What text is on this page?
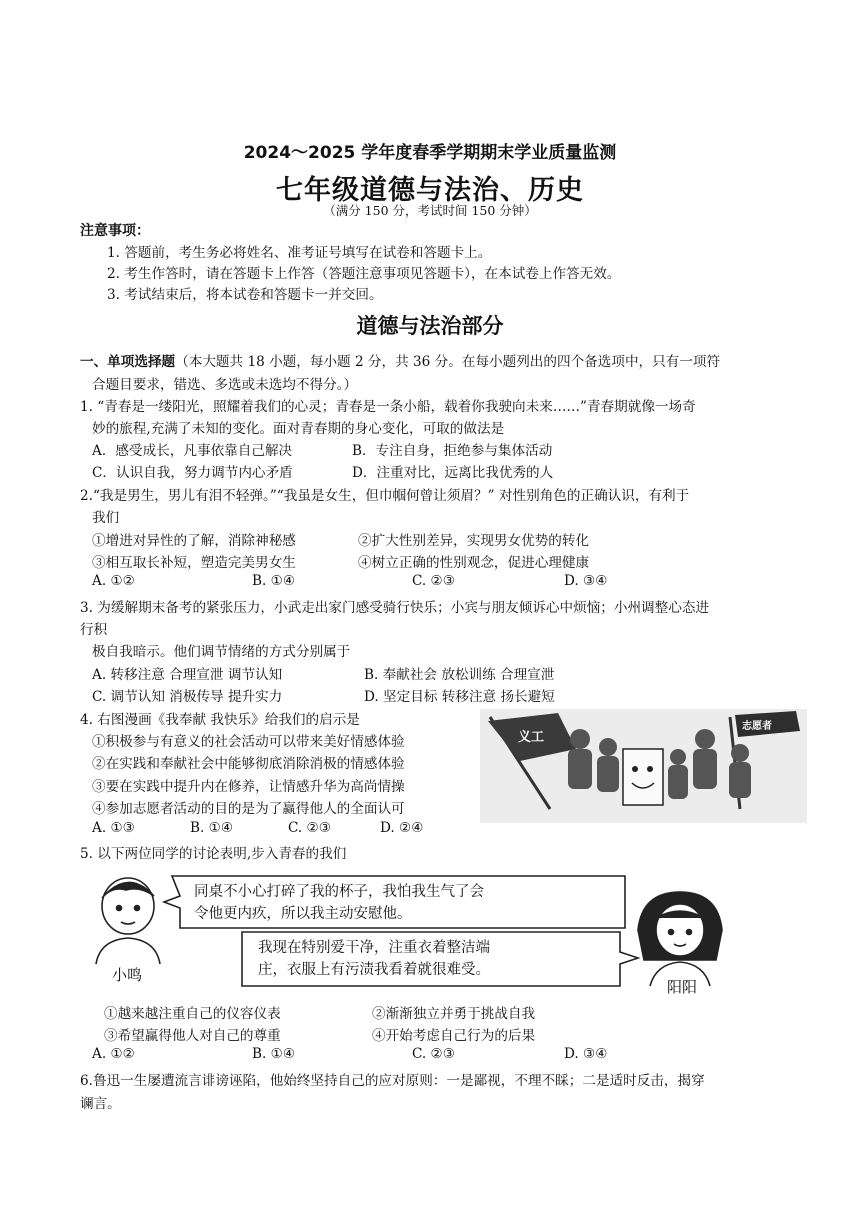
2024～2025 学年度春季学期期末学业质量监测
七年级道德与法治、历史
（满分 150 分，考试时间 150 分钟）
注意事项：
1. 答题前，考生务必将姓名、准考证号填写在试卷和答题卡上。
2. 考生作答时，请在答题卡上作答（答题注意事项见答题卡），在本试卷上作答无效。
3. 考试结束后，将本试卷和答题卡一并交回。
道德与法治部分
一、单项选择题（本大题共 18 小题，每小题 2 分，共 36 分。在每小题列出的四个备选项中，只有一项符
合题目要求，错选、多选或未选均不得分。）
1. “青春是一缕阳光，照耀着我们的心灵；青春是一条小船，载着你我驶向未来……”青春期就像一场奇
妙的旅程,充满了未知的变化。面对青春期的身心变化，可取的做法是
A．感受成长，凡事依靠自己解决	B．专注自身，拒绝参与集体活动
C．认识自我，努力调节内心矛盾	D．注重对比，远离比我优秀的人
2.“我是男生，男儿有泪不轻弹。”“我虽是女生，但巾帼何曾让须眉？” 对性别角色的正确认识，有利于
我们
①增进对异性的了解，消除神秘感	②扩大性别差异，实现男女优势的转化
③相互取长补短，塑造完美男女生	④树立正确的性别观念，促进心理健康
A. ①②	B. ①④	C. ②③	D. ③④
3. 为缓解期末备考的紧张压力，小武走出家门感受骑行快乐；小宾与朋友倾诉心中烦恼；小州调整心态进
行积
极自我暗示。他们调节情绪的方式分别属于
A. 转移注意 合理宣泄 调节认知	B. 奉献社会 放松训练 合理宣泄
C. 调节认知 消极传导 提升实力	D. 坚定目标 转移注意 扬长避短
4. 右图漫画《我奉献 我快乐》给我们的启示是
①积极参与有意义的社会活动可以带来美好情感体验
②在实践和奉献社会中能够彻底消除消极的情感体验
③要在实践中提升内在修养，让情感升华为高尚情操
④参加志愿者活动的目的是为了赢得他人的全面认可
A. ①③	B. ①④	C. ②③	D. ②④
义工
志愿者
5. 以下两位同学的讨论表明,步入青春的我们
小鸣
同桌不小心打碎了我的杯子，我怕我生气了会
令他更内疚，所以我主动安慰他。
我现在特别爱干净，注重衣着整洁端
庄，衣服上有污渍我看着就很难受。
阳阳
①越来越注重自己的仪容仪表	②渐渐独立并勇于挑战自我
③希望赢得他人对自己的尊重	④开始考虑自己行为的后果
A. ①②	B. ①④	C. ②③	D. ③④
6.鲁迅一生屡遭流言诽谤诬陷，他始终坚持自己的应对原则：一是鄙视，不理不睬；二是适时反击，揭穿
谰言。
